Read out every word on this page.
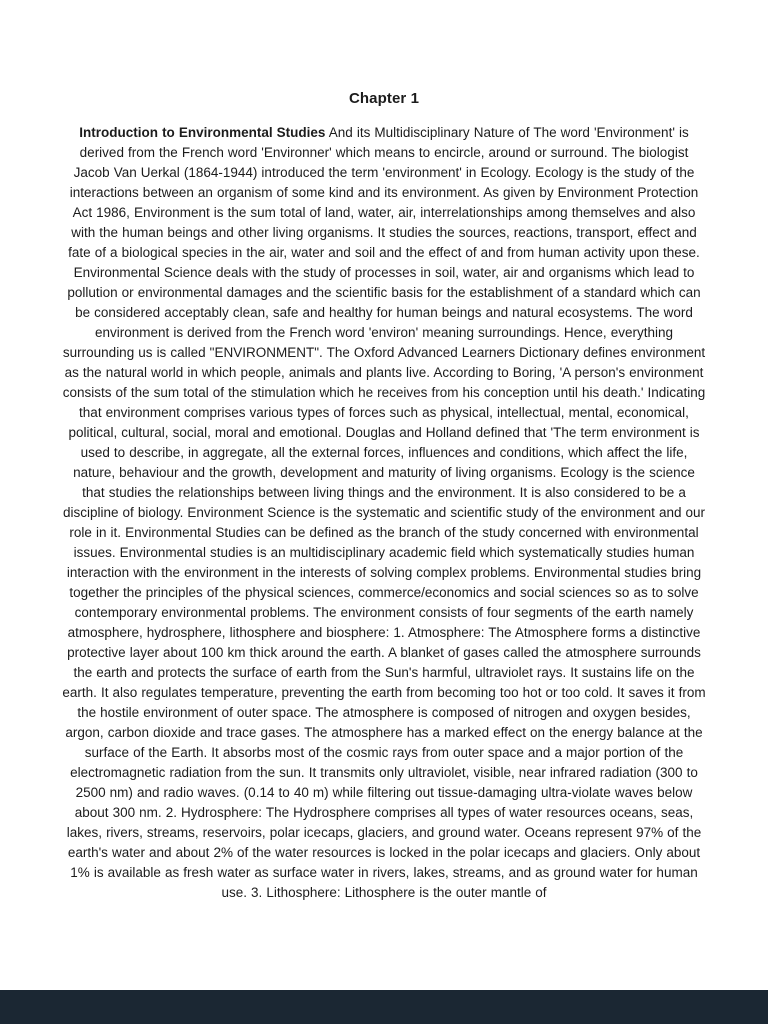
Chapter 1

Introduction to Environmental Studies And its Multidisciplinary Nature of The word 'Environment' is derived from the French word 'Environner' which means to encircle, around or surround. The biologist Jacob Van Uerkal (1864-1944) introduced the term 'environment' in Ecology. Ecology is the study of the interactions between an organism of some kind and its environment. As given by Environment Protection Act 1986, Environment is the sum total of land, water, air, interrelationships among themselves and also with the human beings and other living organisms. It studies the sources, reactions, transport, effect and fate of a biological species in the air, water and soil and the effect of and from human activity upon these. Environmental Science deals with the study of processes in soil, water, air and organisms which lead to pollution or environmental damages and the scientific basis for the establishment of a standard which can be considered acceptably clean, safe and healthy for human beings and natural ecosystems. The word environment is derived from the French word 'environ' meaning surroundings. Hence, everything surrounding us is called "ENVIRONMENT". The Oxford Advanced Learners Dictionary defines environment as the natural world in which people, animals and plants live. According to Boring, 'A person's environment consists of the sum total of the stimulation which he receives from his conception until his death.' Indicating that environment comprises various types of forces such as physical, intellectual, mental, economical, political, cultural, social, moral and emotional. Douglas and Holland defined that 'The term environment is used to describe, in aggregate, all the external forces, influences and conditions, which affect the life, nature, behaviour and the growth, development and maturity of living organisms. Ecology is the science that studies the relationships between living things and the environment. It is also considered to be a discipline of biology. Environment Science is the systematic and scientific study of the environment and our role in it. Environmental Studies can be defined as the branch of the study concerned with environmental issues. Environmental studies is an multidisciplinary academic field which systematically studies human interaction with the environment in the interests of solving complex problems. Environmental studies bring together the principles of the physical sciences, commerce/economics and social sciences so as to solve contemporary environmental problems. The environment consists of four segments of the earth namely atmosphere, hydrosphere, lithosphere and biosphere: 1. Atmosphere: The Atmosphere forms a distinctive protective layer about 100 km thick around the earth. A blanket of gases called the atmosphere surrounds the earth and protects the surface of earth from the Sun's harmful, ultraviolet rays. It sustains life on the earth. It also regulates temperature, preventing the earth from becoming too hot or too cold. It saves it from the hostile environment of outer space. The atmosphere is composed of nitrogen and oxygen besides, argon, carbon dioxide and trace gases. The atmosphere has a marked effect on the energy balance at the surface of the Earth. It absorbs most of the cosmic rays from outer space and a major portion of the electromagnetic radiation from the sun. It transmits only ultraviolet, visible, near infrared radiation (300 to 2500 nm) and radio waves. (0.14 to 40 m) while filtering out tissue-damaging ultra-violate waves below about 300 nm. 2. Hydrosphere: The Hydrosphere comprises all types of water resources oceans, seas, lakes, rivers, streams, reservoirs, polar icecaps, glaciers, and ground water. Oceans represent 97% of the earth's water and about 2% of the water resources is locked in the polar icecaps and glaciers. Only about 1% is available as fresh water as surface water in rivers, lakes, streams, and as ground water for human use. 3. Lithosphere: Lithosphere is the outer mantle of
